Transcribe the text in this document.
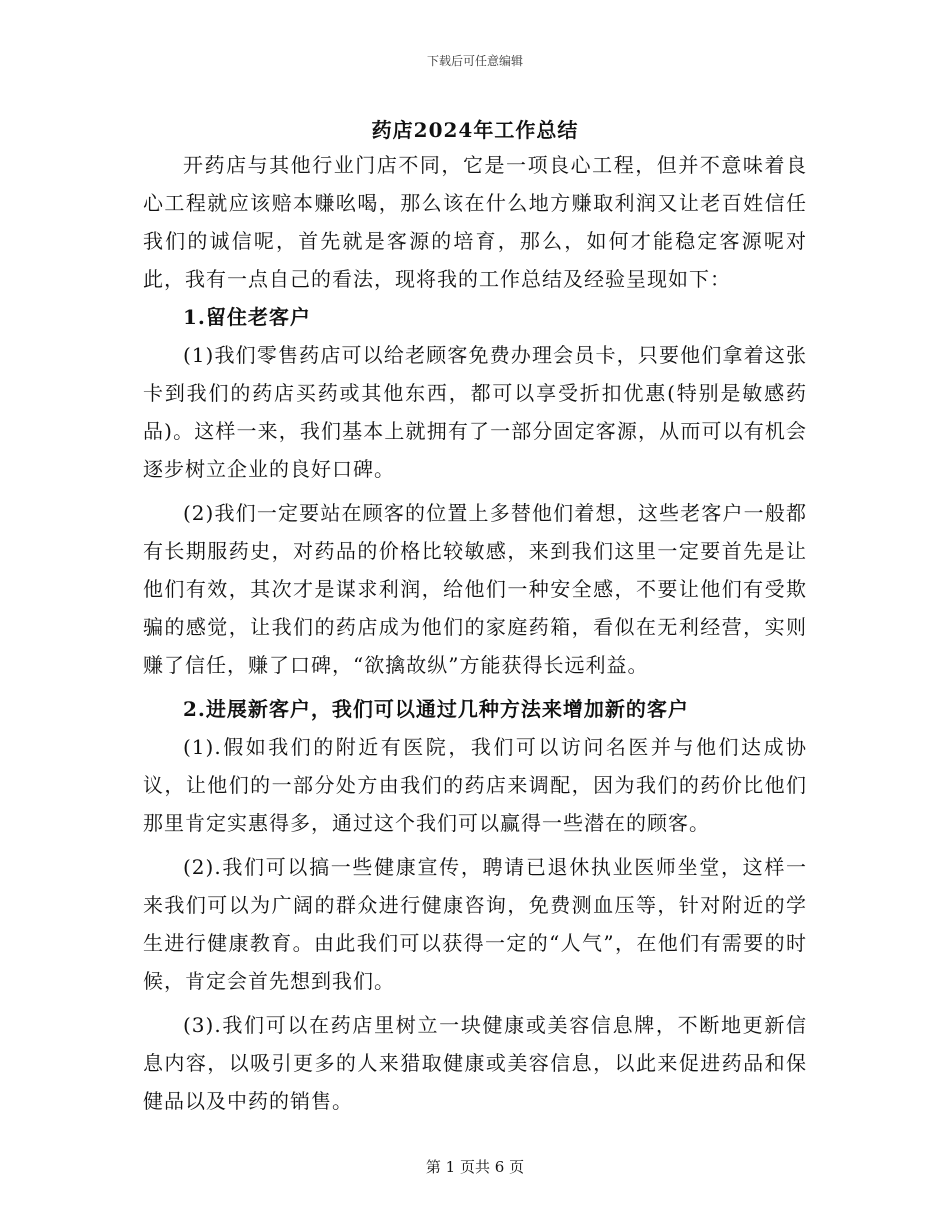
下载后可任意编辑
药店2024年工作总结

开药店与其他行业门店不同，它是一项良心工程，但并不意味着良心工程就应该赔本赚吆喝，那么该在什么地方赚取利润又让老百姓信任我们的诚信呢，首先就是客源的培育，那么，如何才能稳定客源呢对此，我有一点自己的看法，现将我的工作总结及经验呈现如下：

1.留住老客户

(1)我们零售药店可以给老顾客免费办理会员卡，只要他们拿着这张卡到我们的药店买药或其他东西，都可以享受折扣优惠(特别是敏感药品)。这样一来，我们基本上就拥有了一部分固定客源，从而可以有机会逐步树立企业的良好口碑。

(2)我们一定要站在顾客的位置上多替他们着想，这些老客户一般都有长期服药史，对药品的价格比较敏感，来到我们这里一定要首先是让他们有效，其次才是谋求利润，给他们一种安全感，不要让他们有受欺骗的感觉，让我们的药店成为他们的家庭药箱，看似在无利经营，实则赚了信任，赚了口碑，“欲擒故纵”方能获得长远利益。

2.进展新客户，我们可以通过几种方法来增加新的客户

(1).假如我们的附近有医院，我们可以访问名医并与他们达成协议，让他们的一部分处方由我们的药店来调配，因为我们的药价比他们那里肯定实惠得多，通过这个我们可以赢得一些潜在的顾客。

(2).我们可以搞一些健康宣传，聘请已退休执业医师坐堂，这样一来我们可以为广阔的群众进行健康咨询，免费测血压等，针对附近的学生进行健康教育。由此我们可以获得一定的“人气”，在他们有需要的时候，肯定会首先想到我们。

(3).我们可以在药店里树立一块健康或美容信息牌，不断地更新信息内容，以吸引更多的人来猎取健康或美容信息，以此来促进药品和保健品以及中药的销售。

第 1 页共 6 页
